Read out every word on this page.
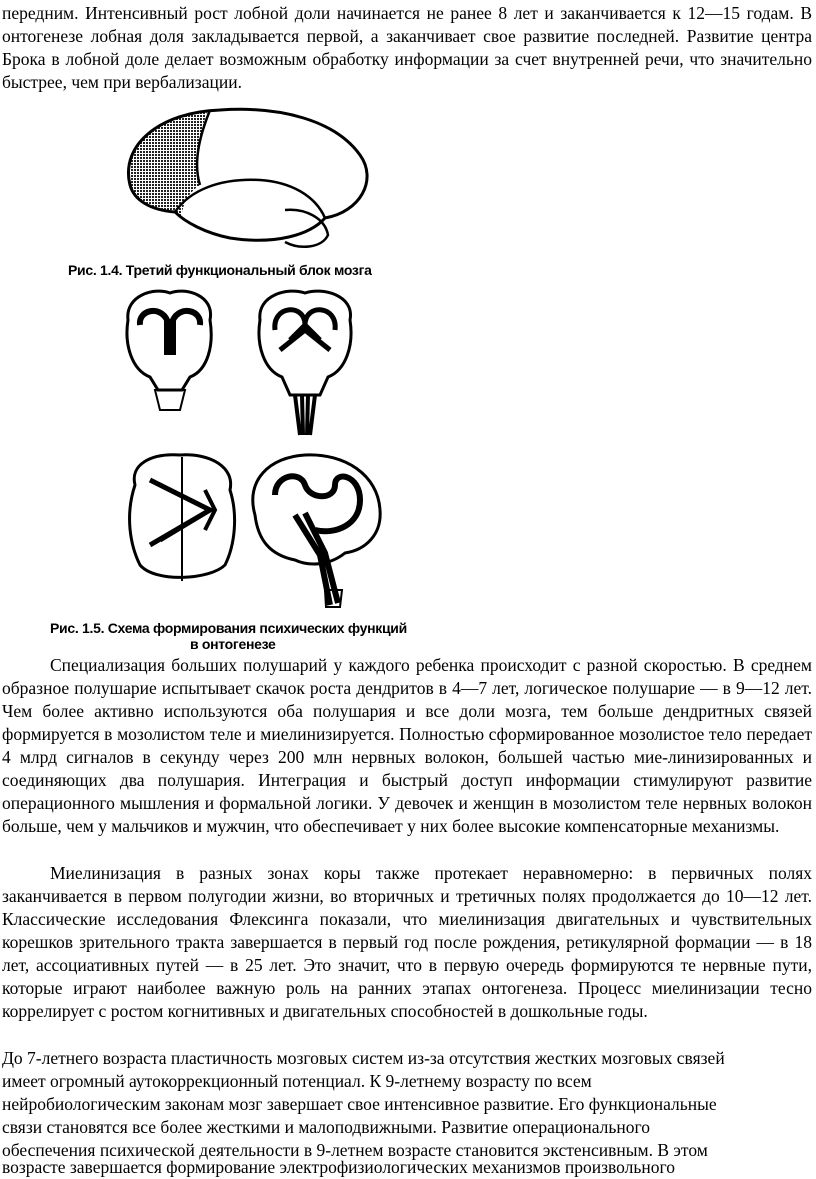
передним. Интенсивный рост лобной доли начинается не ранее 8 лет и заканчивается к 12—15 годам. В онтогенезе лобная доля закладывается первой, а заканчивает свое развитие последней. Развитие центра Брока в лобной доле делает возможным обработку информации за счет внутренней речи, что значительно быстрее, чем при вербализации.

Рис. 1.4. Третий функциональный блок мозга
Рис. 1.5. Схема формирования психических функций
в онтогенезе

Специализация больших полушарий у каждого ребенка происходит с разной скоростью. В среднем образное полушарие испытывает скачок роста дендритов в 4—7 лет, логическое полушарие — в 9—12 лет. Чем более активно используются оба полушария и все доли мозга, тем больше дендритных связей формируется в мозолистом теле и миелинизируется. Полностью сформированное мозолистое тело передает 4 млрд сигналов в секунду через 200 млн нервных волокон, большей частью мие-линизированных и соединяющих два полушария. Интеграция и быстрый доступ информации стимулируют развитие операционного мышления и формальной логики. У девочек и женщин в мозолистом теле нервных волокон больше, чем у мальчиков и мужчин, что обеспечивает у них более высокие компенсаторные механизмы.

Миелинизация в разных зонах коры также протекает неравномерно: в первичных полях заканчивается в первом полугодии жизни, во вторичных и третичных полях продолжается до 10—12 лет. Классические исследования Флексинга показали, что миелинизация двигательных и чувствительных корешков зрительного тракта завершается в первый год после рождения, ретикулярной формации — в 18 лет, ассоциативных путей — в 25 лет. Это значит, что в первую очередь формируются те нервные пути, которые играют наиболее важную роль на ранних этапах онтогенеза. Процесс миелинизации тесно коррелирует с ростом когнитивных и двигательных способностей в дошкольные годы.

До 7-летнего возраста пластичность мозговых систем из-за отсутствия жестких мозговых связей
имеет огромный аутокоррекционный потенциал. К 9-летнему возрасту по всем
нейробиологическим законам мозг завершает свое интенсивное развитие. Его функциональные
связи становятся все более жесткими и малоподвижными. Развитие операционального
обеспечения психической деятельности в 9-летнем возрасте становится экстенсивным. В этом
возрасте завершается формирование электрофизиологических механизмов произвольного
